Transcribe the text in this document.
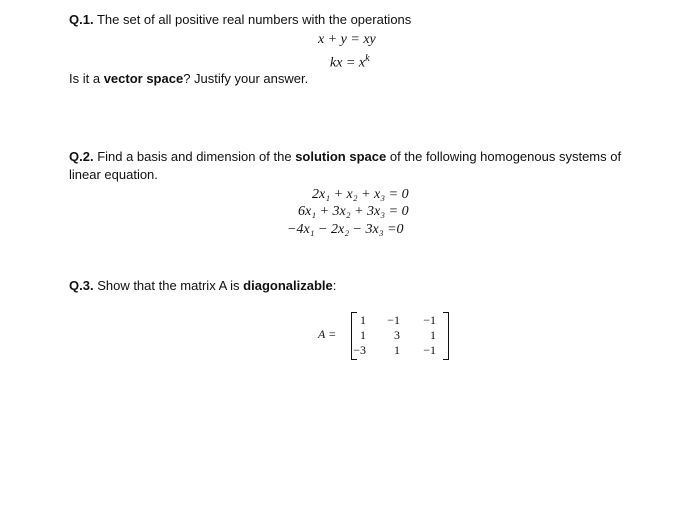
Q.1. The set of all positive real numbers with the operations
x + y = xy
kx = $x^k$
Is it a vector space? Justify your answer.
Q.2. Find a basis and dimension of the solution space of the following homogenous systems of
linear equation.
2x₁ + x₂ + x₃ = 0
6x₁ + 3x₂ + 3x₃ = 0
−4x₁ − 2x₂ − 3x₃ =0
Q.3. Show that the matrix A is diagonalizable:
A =
1	−1	−1
1	3	1
−3	1	−1
